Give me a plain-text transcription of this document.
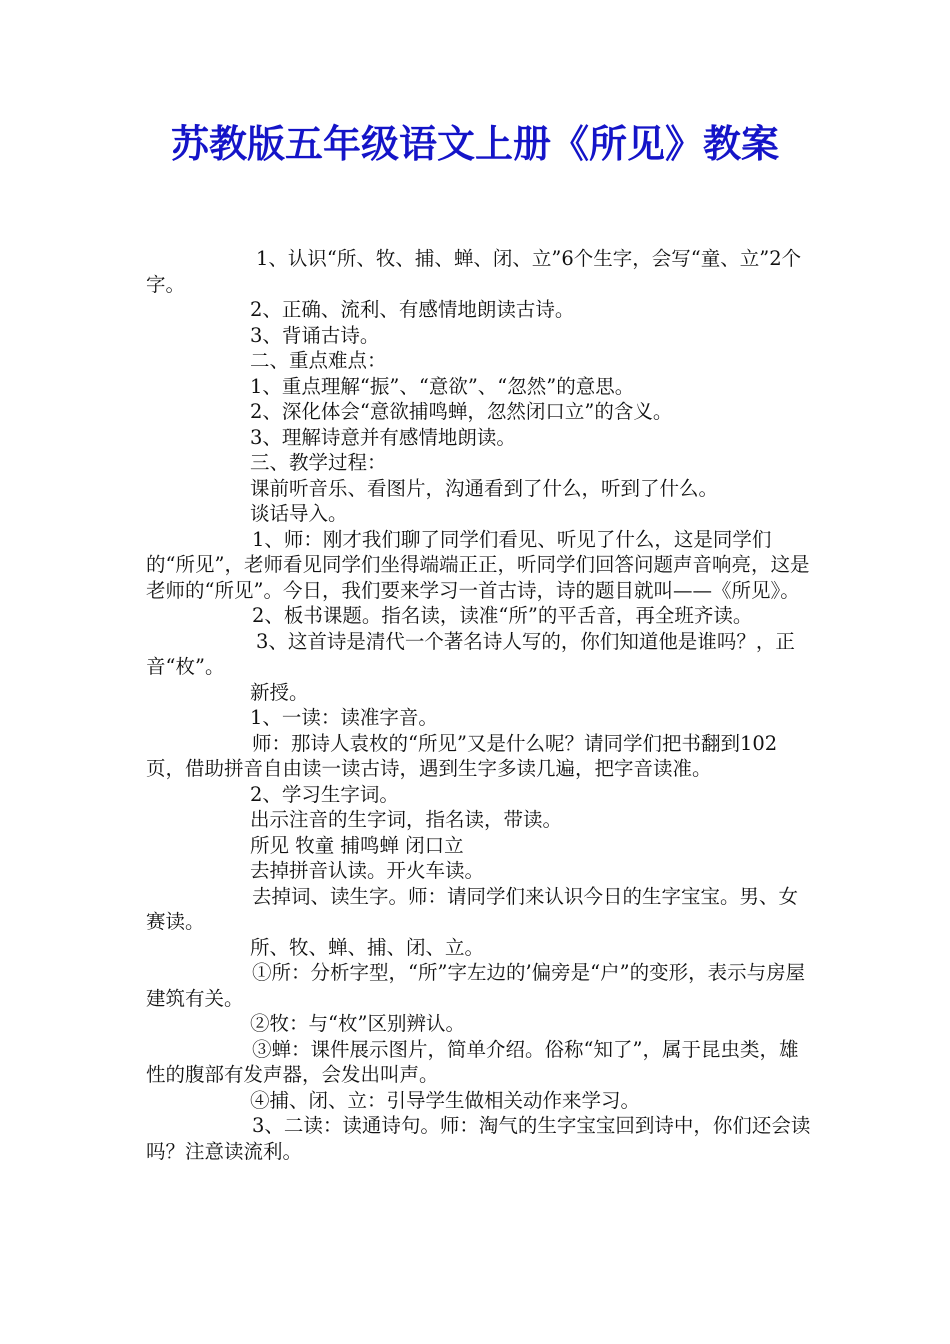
苏教版五年级语文上册《所见》教案

1、认识“所、牧、捕、蝉、闭、立”6个生字，会写“童、立”2个字。

2、正确、流利、有感情地朗读古诗。

3、背诵古诗。

二、重点难点：

1、重点理解“振”、“意欲”、“忽然”的意思。

2、深化体会“意欲捕鸣蝉，忽然闭口立”的含义。

3、理解诗意并有感情地朗读。

三、教学过程：

课前听音乐、看图片，沟通看到了什么，听到了什么。

谈话导入。

1、师：刚才我们聊了同学们看见、听见了什么，这是同学们的“所见”，老师看见同学们坐得端端正正，听同学们回答问题声音响亮，这是老师的“所见”。今日，我们要来学习一首古诗，诗的题目就叫——《所见》。

2、板书课题。指名读，读准“所”的平舌音，再全班齐读。

3、这首诗是清代一个著名诗人写的，你们知道他是谁吗？，正音“枚”。

新授。

1、一读：读准字音。

师：那诗人袁枚的“所见”又是什么呢？请同学们把书翻到102页，借助拼音自由读一读古诗，遇到生字多读几遍，把字音读准。

2、学习生字词。

出示注音的生字词，指名读，带读。

所见 牧童 捕鸣蝉 闭口立

去掉拼音认读。开火车读。

去掉词、读生字。师：请同学们来认识今日的生字宝宝。男、女赛读。

所、牧、蝉、捕、闭、立。

①所：分析字型，“所”字左边的’偏旁是“户”的变形，表示与房屋建筑有关。

②牧：与“枚”区别辨认。

③蝉：课件展示图片，简单介绍。俗称“知了”，属于昆虫类，雄性的腹部有发声器，会发出叫声。

④捕、闭、立：引导学生做相关动作来学习。

3、二读：读通诗句。师：淘气的生字宝宝回到诗中，你们还会读吗？注意读流利。
